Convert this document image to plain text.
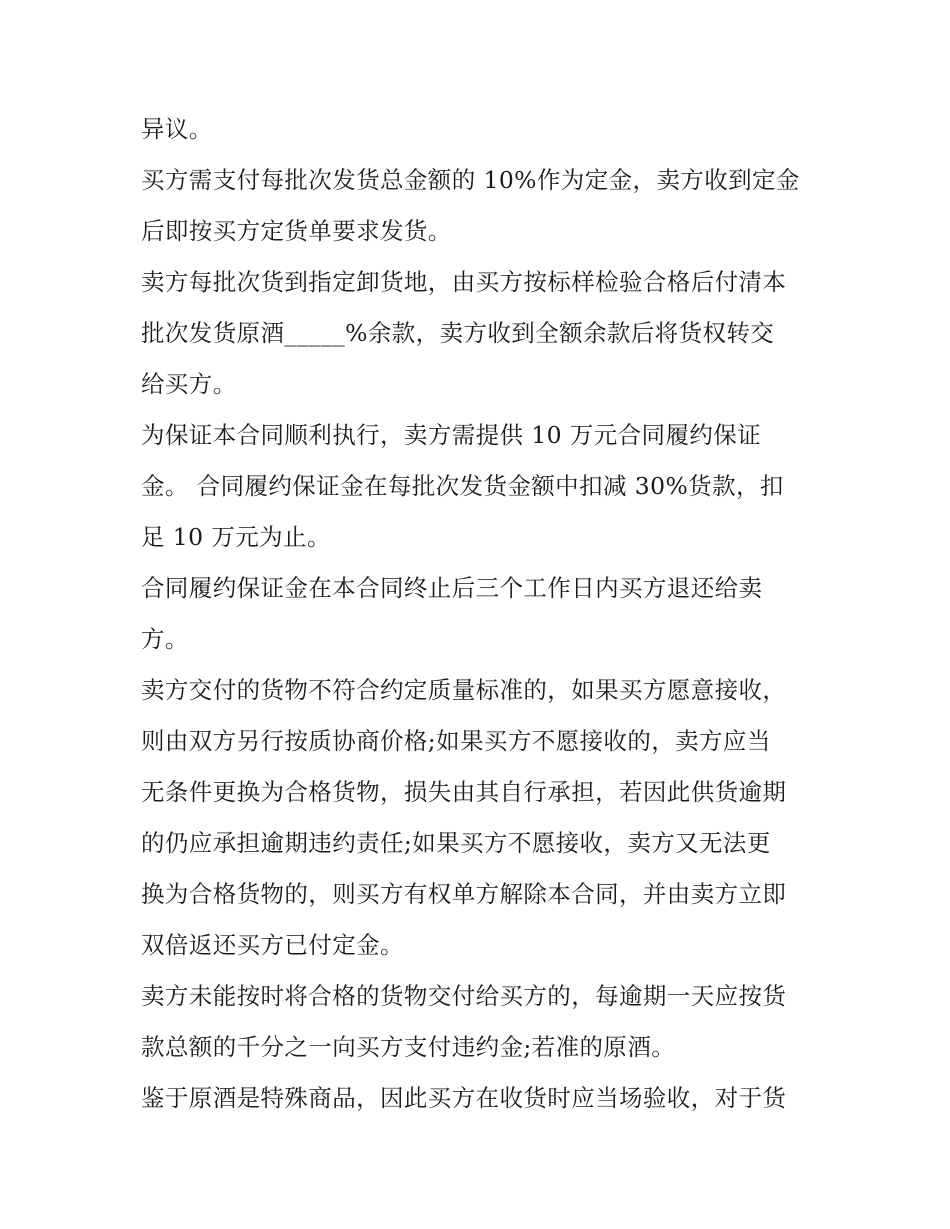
异议。

买方需支付每批次发货总金额的 10%作为定金，卖方收到定金
后即按买方定货单要求发货。

卖方每批次货到指定卸货地，由买方按标样检验合格后付清本
批次发货原酒_____%余款，卖方收到全额余款后将货权转交
给买方。

为保证本合同顺利执行，卖方需提供 10 万元合同履约保证
金。 合同履约保证金在每批次发货金额中扣减 30%货款，扣
足 10 万元为止。

合同履约保证金在本合同终止后三个工作日内买方退还给卖
方。

卖方交付的货物不符合约定质量标准的，如果买方愿意接收，
则由双方另行按质协商价格;如果买方不愿接收的，卖方应当
无条件更换为合格货物，损失由其自行承担，若因此供货逾期
的仍应承担逾期违约责任;如果买方不愿接收，卖方又无法更
换为合格货物的，则买方有权单方解除本合同，并由卖方立即
双倍返还买方已付定金。

卖方未能按时将合格的货物交付给买方的，每逾期一天应按货
款总额的千分之一向买方支付违约金;若准的原酒。

鉴于原酒是特殊商品，因此买方在收货时应当场验收，对于货
